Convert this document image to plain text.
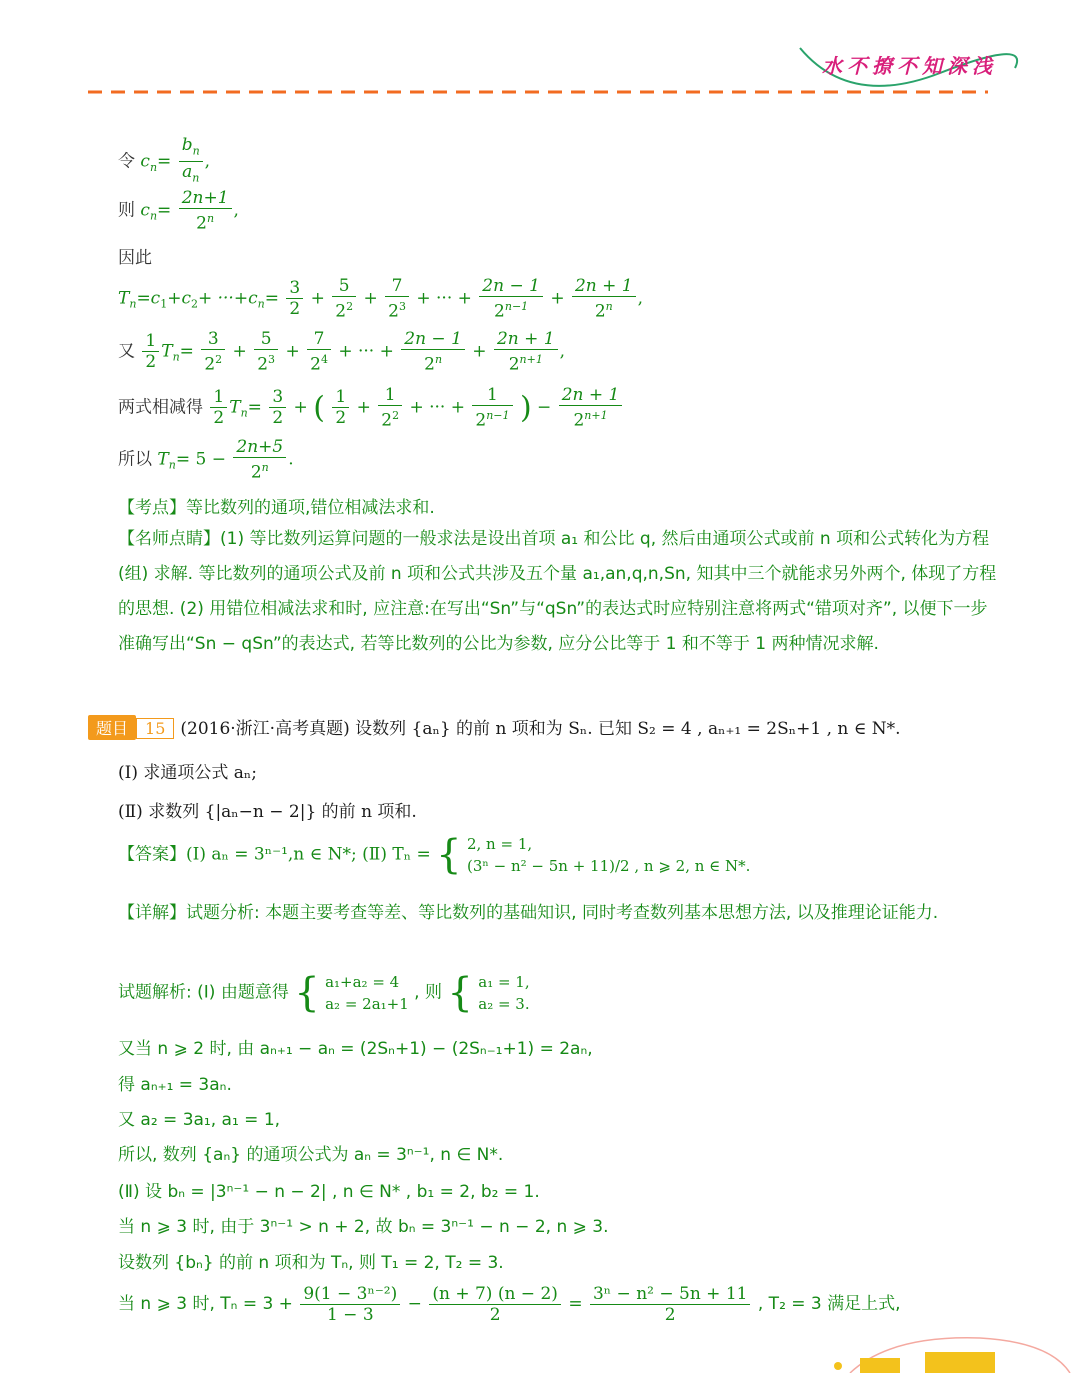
水不撩不知深浅
令 $c_n= \frac{b_n}{a_n}$ ,
则 $c_n= \frac{2n+1}{2^n}$ ,
因此
$T_n=c_1+c_2+ \cdot\cdot\cdot+c_n= \frac{3}{2} + \frac{5}{2^2} + \frac{7}{2^3}$ + ··· + $\frac{2n - 1}{2^{n-1}} + \frac{2n + 1}{2^n}$ ,
又 $\frac{1}{2} T_n= \frac{3}{2^2} + \frac{5}{2^3} + \frac{7}{2^4}$ + ··· + $\frac{2n - 1}{2^n} + \frac{2n + 1}{2^{n+1}}$ ,
两式相减得 $\frac{1}{2} T_n= \frac{3}{2}$ + ( $\frac{1}{2} + \frac{1}{2^2}$ + ··· + $\frac{1}{2^{n-1}}$ ) − $\frac{2n + 1}{2^{n+1}}$
所以 $T_n= 5 - \frac{2n+5}{2^n}$ .
【考点】等比数列的通项,错位相减法求和.
【名师点睛】(1) 等比数列运算问题的一般求法是设出首项 a₁ 和公比 q, 然后由通项公式或前 n 项和公式转化为方程 (组) 求解. 等比数列的通项公式及前 n 项和公式共涉及五个量 a₁,an,q,n,Sn, 知其中三个就能求另外两个, 体现了方程的思想. (2) 用错位相减法求和时, 应注意:在写出“Sn”与“qSn”的表达式时应特别注意将两式“错项对齐”, 以便下一步准确写出“Sn − qSn”的表达式, 若等比数列的公比为参数, 应分公比等于 1 和不等于 1 两种情况求解.
题目 15 (2016·浙江·高考真题) 设数列 {aₙ} 的前 n 项和为 Sₙ. 已知 S₂ = 4 , aₙ₊₁ = 2Sₙ+1 , n ∈ N*.
(Ⅰ) 求通项公式 aₙ;
(Ⅱ) 求数列 {|aₙ−n − 2|} 的前 n 项和.
【答案】(Ⅰ) aₙ = 3ⁿ⁻¹,n ∈ N*; (Ⅱ) Tₙ = { 2, n = 1,
(3ⁿ − n² − 5n + 11)/2 , n ⩾ 2, n ∈ N*.
【详解】试题分析: 本题主要考查等差、等比数列的基础知识, 同时考查数列基本思想方法, 以及推理论证能力.
试题解析: (Ⅰ) 由题意得 { a₁+a₂ = 4
a₂ = 2a₁+1
, 则 { a₁ = 1,
a₂ = 3.
又当 n ⩾ 2 时, 由 aₙ₊₁ − aₙ = (2Sₙ+1) − (2Sₙ₋₁+1) = 2aₙ,
得 aₙ₊₁ = 3aₙ.
又 a₂ = 3a₁, a₁ = 1,
所以, 数列 {aₙ} 的通项公式为 aₙ = 3ⁿ⁻¹, n ∈ N*.
(Ⅱ) 设 bₙ = |3ⁿ⁻¹ − n − 2| , n ∈ N* , b₁ = 2, b₂ = 1.
当 n ⩾ 3 时, 由于 3ⁿ⁻¹ > n + 2, 故 bₙ = 3ⁿ⁻¹ − n − 2, n ⩾ 3.
设数列 {bₙ} 的前 n 项和为 Tₙ, 则 T₁ = 2, T₂ = 3.
当 n ⩾ 3 时, $T_n = 3 + \frac{\text{9(1 − 3ⁿ⁻²)}}{1 - 3} - \frac{(n + 7) (n - 2)}{2} = \frac{\text{3ⁿ − n² − 5n + 11}}{2}$ , T₂ = 3 满足上式,
